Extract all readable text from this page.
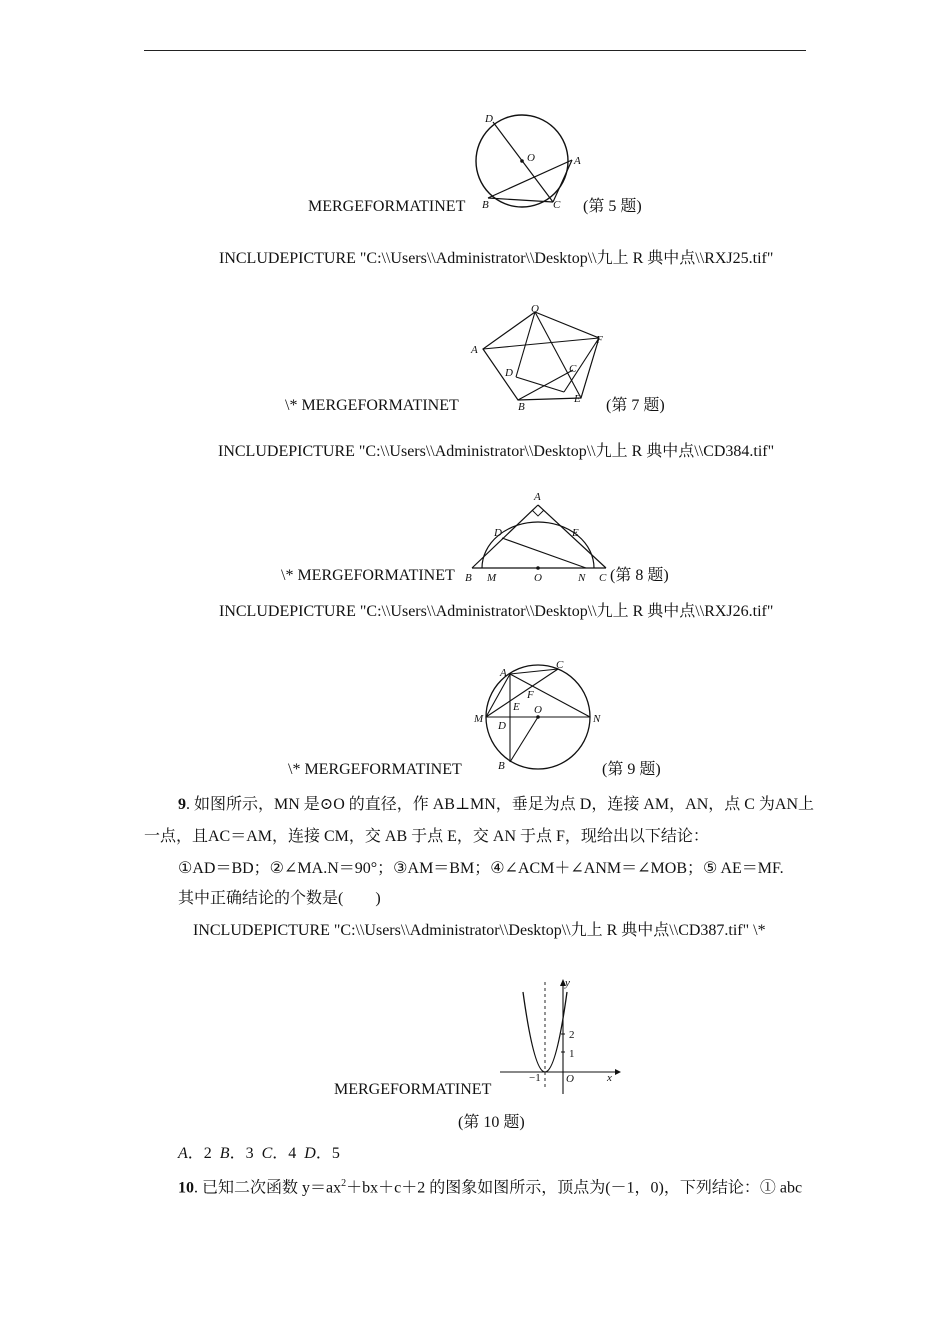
D
O	A
B	C
MERGEFORMATINET	(第 5 题)
INCLUDEPICTURE "C:\\Users\\Administrator\\Desktop\\九上 R 典中点\\RXJ25.tif"
O
A
F
D	C
B
E
\* MERGEFORMATINET	(第 7 题)
INCLUDEPICTURE "C:\\Users\\Administrator\\Desktop\\九上 R 典中点\\CD384.tif"
A
D	E
B M	O	N C
\* MERGEFORMATINET	(第 8 题)
INCLUDEPICTURE "C:\\Users\\Administrator\\Desktop\\九上 R 典中点\\RXJ26.tif"
A
C
F
E
M
D
O
N
B
\* MERGEFORMATINET	(第 9 题)
9. 如图所示，MN 是⊙O 的直径，作 AB⊥MN，垂足为点 D，连接 AM，AN，点 C 为AN上
一点，且AC＝AM，连接 CM，交 AB 于点 E，交 AN 于点 F，现给出以下结论：
①AD＝BD；②∠MA.N＝90°；③AM＝BM；④∠ACM＋∠ANM＝∠MOB；⑤ AE＝MF.
其中正确结论的个数是(　　)
INCLUDEPICTURE "C:\\Users\\Administrator\\Desktop\\九上 R 典中点\\CD387.tif" \*
y
x
O
2
1
−1
MERGEFORMATINET
(第 10 题)
A．2  B．3  C．4  D．5
10. 已知二次函数 $y=ax^2+bx+c+2$ 的图象如图所示，顶点为(－1，0)，下列结论：① abc
